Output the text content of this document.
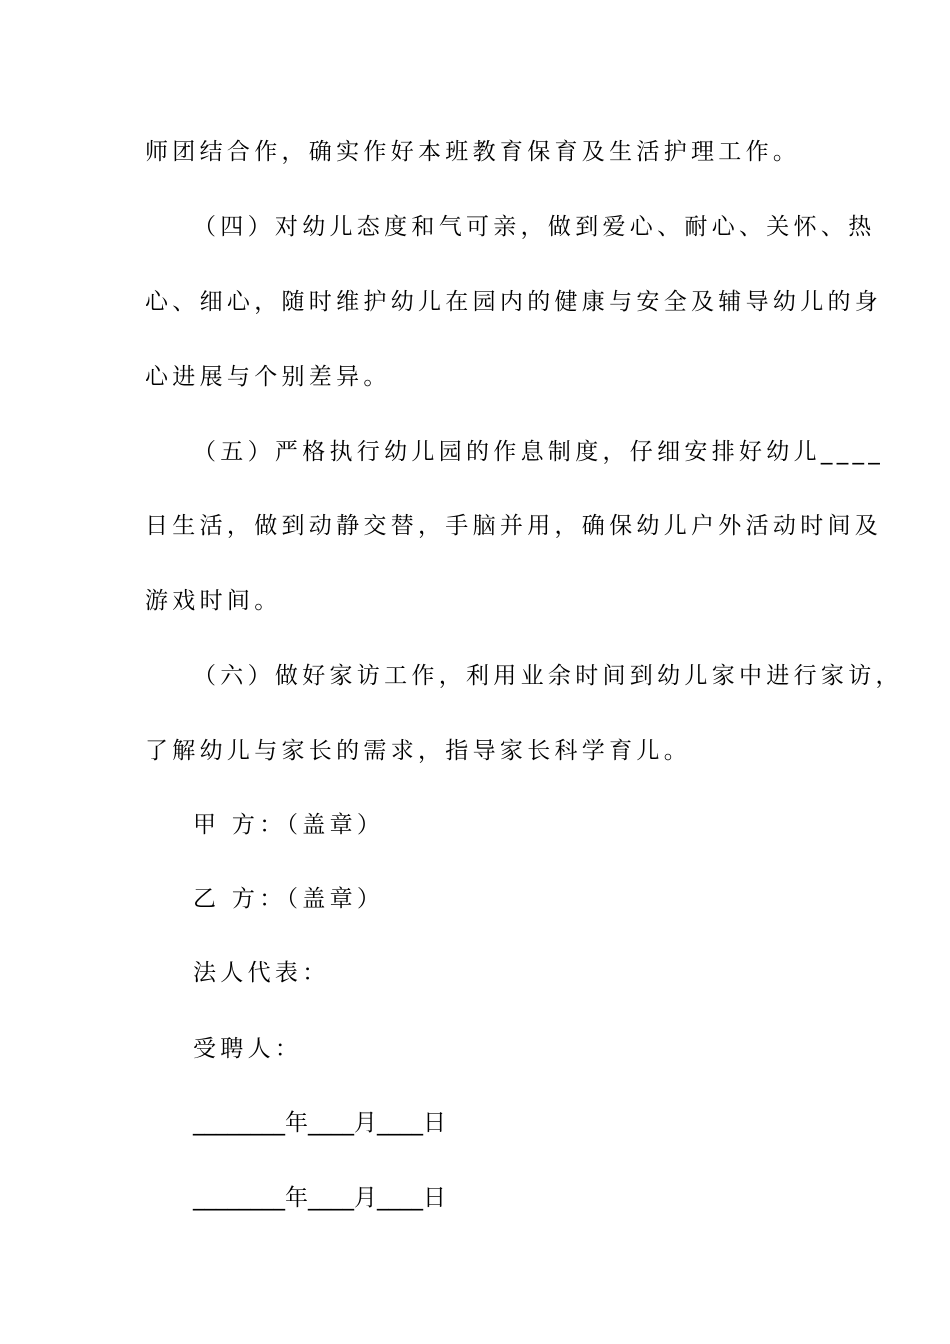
师团结合作，确实作好本班教育保育及生活护理工作。
（四）对幼儿态度和气可亲，做到爱心、耐心、关怀、热
心、细心，随时维护幼儿在园内的健康与安全及辅导幼儿的身
心进展与个别差异。
（五）严格执行幼儿园的作息制度，仔细安排好幼儿____
日生活，做到动静交替，手脑并用，确保幼儿户外活动时间及
游戏时间。
（六）做好家访工作，利用业余时间到幼儿家中进行家访，
了解幼儿与家长的需求，指导家长科学育儿。
甲 方：（盖章）
乙 方：（盖章）
法人代表：
受聘人：
________年____月____日
________年____月____日
